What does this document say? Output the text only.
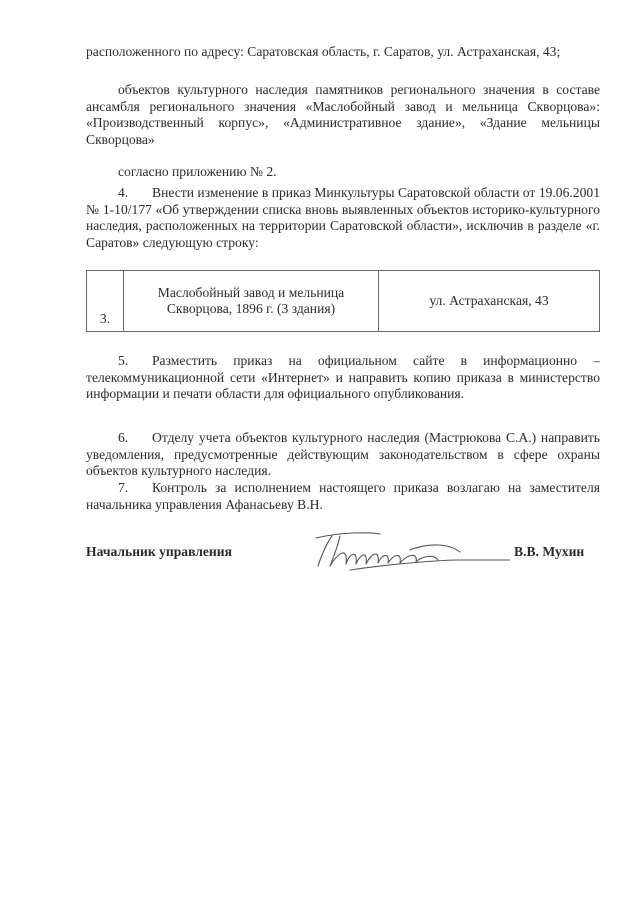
расположенного по адресу: Саратовская область, г. Саратов, ул. Астраханская, 43;

объектов культурного наследия памятников регионального значения в составе ансамбля регионального значения «Маслобойный завод и мельница Скворцова»: «Производственный корпус», «Административное здание», «Здание мельницы Скворцова»

согласно приложению № 2.

4. Внести изменение в приказ Минкультуры Саратовской области от 19.06.2001 № 1-10/177 «Об утверждении списка вновь выявленных объектов историко-культурного наследия, расположенных на территории Саратовской области», исключив в разделе «г. Саратов» следующую строку:

3.	Маслобойный завод и мельница Скворцова, 1896 г. (3 здания)	ул. Астраханская, 43

5. Разместить приказ на официальном сайте в информационно – телекоммуникационной сети «Интернет» и направить копию приказа в министерство информации и печати области для официального опубликования.

6. Отделу учета объектов культурного наследия (Мастрюкова С.А.) направить уведомления, предусмотренные действующим законодательством в сфере охраны объектов культурного наследия.

7. Контроль за исполнением настоящего приказа возлагаю на заместителя начальника управления Афанасьеву В.Н.

Начальник управления	В.В. Мухин
